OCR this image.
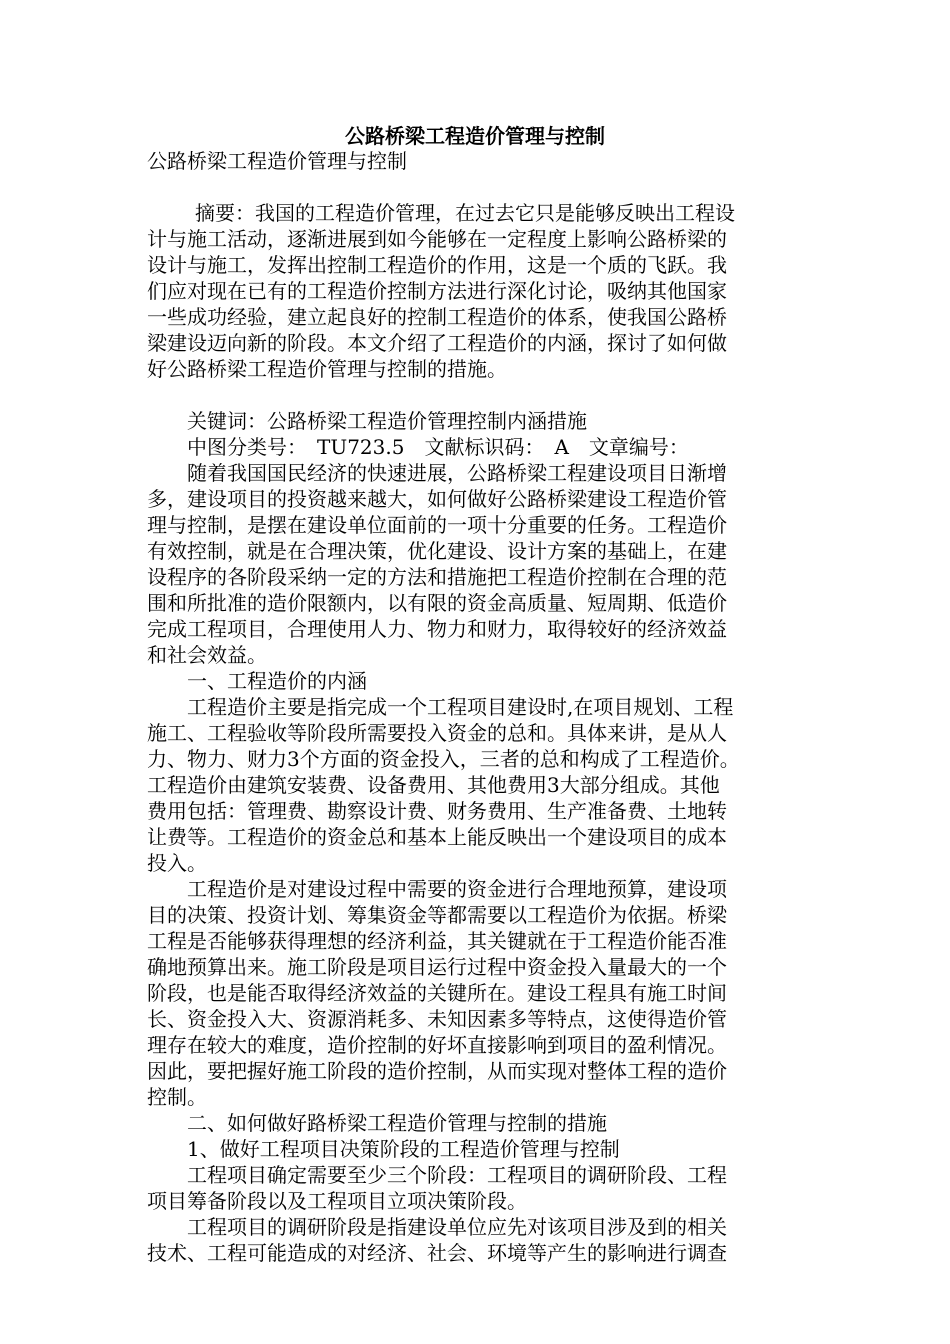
公路桥梁工程造价管理与控制
公路桥梁工程造价管理与控制
摘要：我国的工程造价管理，在过去它只是能够反映出工程设
计与施工活动，逐渐进展到如今能够在一定程度上影响公路桥梁的
设计与施工，发挥出控制工程造价的作用，这是一个质的飞跃。我
们应对现在已有的工程造价控制方法进行深化讨论，吸纳其他国家
一些成功经验，建立起良好的控制工程造价的体系，使我国公路桥
梁建设迈向新的阶段。本文介绍了工程造价的内涵，探讨了如何做
好公路桥梁工程造价管理与控制的措施。
关键词：公路桥梁工程造价管理控制内涵措施
中图分类号：　TU723.5　文献标识码：　A　文章编号：
随着我国国民经济的快速进展，公路桥梁工程建设项目日渐增
多，建设项目的投资越来越大，如何做好公路桥梁建设工程造价管
理与控制，是摆在建设单位面前的一项十分重要的任务。工程造价
有效控制，就是在合理决策，优化建设、设计方案的基础上，在建
设程序的各阶段采纳一定的方法和措施把工程造价控制在合理的范
围和所批准的造价限额内，以有限的资金高质量、短周期、低造价
完成工程项目，合理使用人力、物力和财力，取得较好的经济效益
和社会效益。
一、工程造价的内涵
工程造价主要是指完成一个工程项目建设时,在项目规划、工程
施工、工程验收等阶段所需要投入资金的总和。具体来讲，是从人
力、物力、财力3个方面的资金投入，三者的总和构成了工程造价。
工程造价由建筑安装费、设备费用、其他费用3大部分组成。其他
费用包括：管理费、勘察设计费、财务费用、生产准备费、土地转
让费等。工程造价的资金总和基本上能反映出一个建设项目的成本
投入。
工程造价是对建设过程中需要的资金进行合理地预算，建设项
目的决策、投资计划、筹集资金等都需要以工程造价为依据。桥梁
工程是否能够获得理想的经济利益，其关键就在于工程造价能否准
确地预算出来。施工阶段是项目运行过程中资金投入量最大的一个
阶段，也是能否取得经济效益的关键所在。建设工程具有施工时间
长、资金投入大、资源消耗多、未知因素多等特点，这使得造价管
理存在较大的难度，造价控制的好坏直接影响到项目的盈利情况。
因此，要把握好施工阶段的造价控制，从而实现对整体工程的造价
控制。
二、如何做好路桥梁工程造价管理与控制的措施
1、做好工程项目决策阶段的工程造价管理与控制
工程项目确定需要至少三个阶段：工程项目的调研阶段、工程
项目筹备阶段以及工程项目立项决策阶段。
工程项目的调研阶段是指建设单位应先对该项目涉及到的相关
技术、工程可能造成的对经济、社会、环境等产生的影响进行调查
